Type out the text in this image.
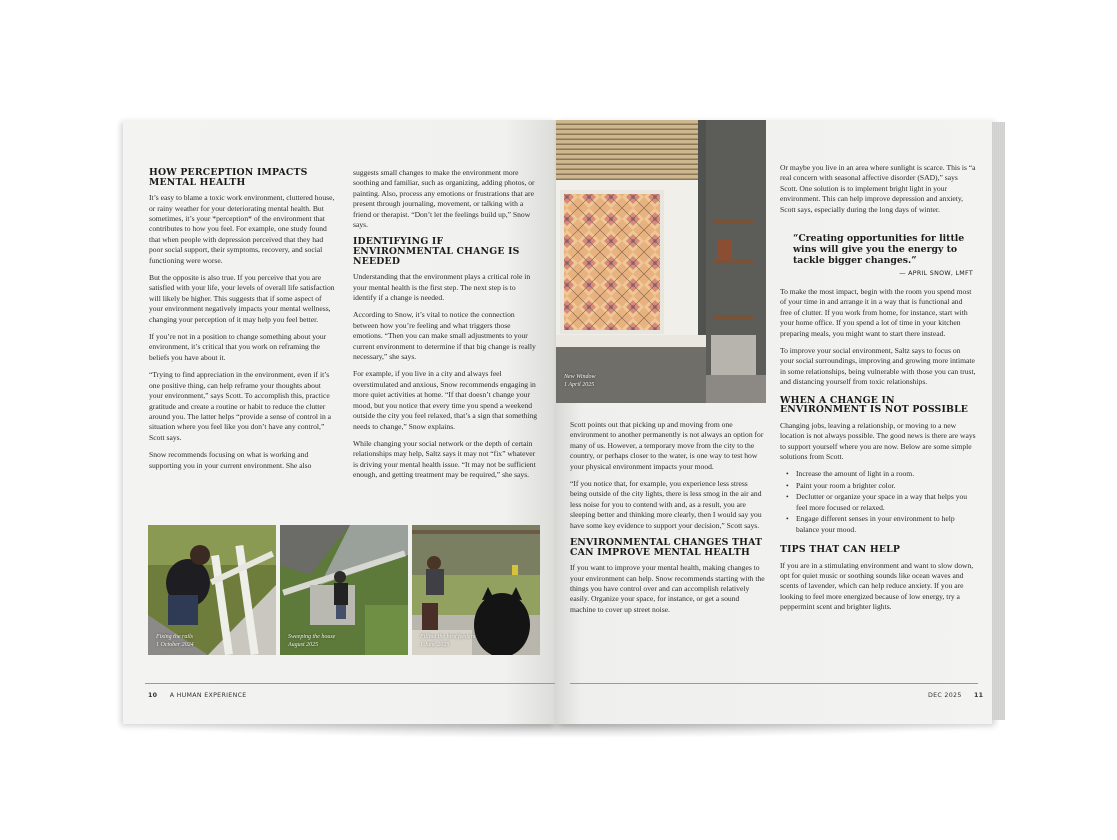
HOW PERCEPTION IMPACTS MENTAL HEALTH

It’s easy to blame a toxic work environment, cluttered house, or rainy weather for your deteriorating mental health. But sometimes, it’s your *perception* of the environment that contributes to how you feel. For example, one study found that when people with depression perceived that they had poor social support, their symptoms, recovery, and social functioning were worse.

But the opposite is also true. If you perceive that you are satisfied with your life, your levels of overall life satisfaction will likely be higher. This suggests that if some aspect of your environment negatively impacts your mental wellness, changing your perception of it may help you feel better.

If you’re not in a position to change something about your environment, it’s critical that you work on reframing the beliefs you have about it.

“Trying to find appreciation in the environment, even if it’s one positive thing, can help reframe your thoughts about your environment,” says Scott. To accomplish this, practice gratitude and create a routine or habit to reduce the clutter around you. The latter helps “provide a sense of control in a situation where you feel like you don’t have any control,” Scott says.

Snow recommends focusing on what is working and supporting you in your current environment. She also

suggests small changes to make the environment more soothing and familiar, such as organizing, adding photos, or painting. Also, process any emotions or frustrations that are present through journaling, movement, or talking with a friend or therapist. “Don’t let the feelings build up,” Snow says.

IDENTIFYING IF ENVIRONMENTAL CHANGE IS NEEDED

Understanding that the environment plays a critical role in your mental health is the first step. The next step is to identify if a change is needed.

According to Snow, it’s vital to notice the connection between how you’re feeling and what triggers those emotions. “Then you can make small adjustments to your current environment to determine if that big change is really necessary,” she says.

For example, if you live in a city and always feel overstimulated and anxious, Snow recommends engaging in more quiet activities at home. “If that doesn’t change your mood, but you notice that every time you spend a weekend outside the city you feel relaxed, that’s a sign that something needs to change,” Snow explains.

While changing your social network or the depth of certain relationships may help, Saltz says it may not “fix” whatever is driving your mental health issue. “It may not be sufficient enough, and getting treatment may be required,” she says.

Fixing the rails
1 October 2024
Sweeping the house
August 2025
Filling the bird feeders
1 June 2025
10 A HUMAN EXPERIENCE
New Window
1 April 2025

Scott points out that picking up and moving from one environment to another permanently is not always an option for many of us. However, a temporary move from the city to the country, or perhaps closer to the water, is one way to test how your physical environment impacts your mood.

“If you notice that, for example, you experience less stress being outside of the city lights, there is less smog in the air and less noise for you to contend with and, as a result, you are sleeping better and thinking more clearly, then I would say you have some key evidence to support your decision,” Scott says.

ENVIRONMENTAL CHANGES THAT CAN IMPROVE MENTAL HEALTH

If you want to improve your mental health, making changes to your environment can help. Snow recommends starting with the things you have control over and can accomplish relatively easily. Organize your space, for instance, or get a sound machine to cover up street noise.

Or maybe you live in an area where sunlight is scarce. This is “a real concern with seasonal affective disorder (SAD),” says Scott. One solution is to implement bright light in your environment. This can help improve depression and anxiety, Scott says, especially during the long days of winter.

“Creating opportunities for little wins will give you the energy to tackle bigger changes.”
— APRIL SNOW, LMFT

To make the most impact, begin with the room you spend most of your time in and arrange it in a way that is functional and free of clutter. If you work from home, for instance, start with your home office. If you spend a lot of time in your kitchen preparing meals, you might want to start there instead.

To improve your social environment, Saltz says to focus on your social surroundings, improving and growing more intimate in some relationships, being vulnerable with those you can trust, and distancing yourself from toxic relationships.

WHEN A CHANGE IN ENVIRONMENT IS NOT POSSIBLE

Changing jobs, leaving a relationship, or moving to a new location is not always possible. The good news is there are ways to support yourself where you are now. Below are some simple solutions from Scott.

• Increase the amount of light in a room.
• Paint your room a brighter color.
• Declutter or organize your space in a way that helps you feel more focused or relaxed.
• Engage different senses in your environment to help balance your mood.
TIPS THAT CAN HELP

If you are in a stimulating environment and want to slow down, opt for quiet music or soothing sounds like ocean waves and scents of lavender, which can help reduce anxiety. If you are looking to feel more energized because of low energy, try a peppermint scent and brighter lights.

DEC 2025 11
